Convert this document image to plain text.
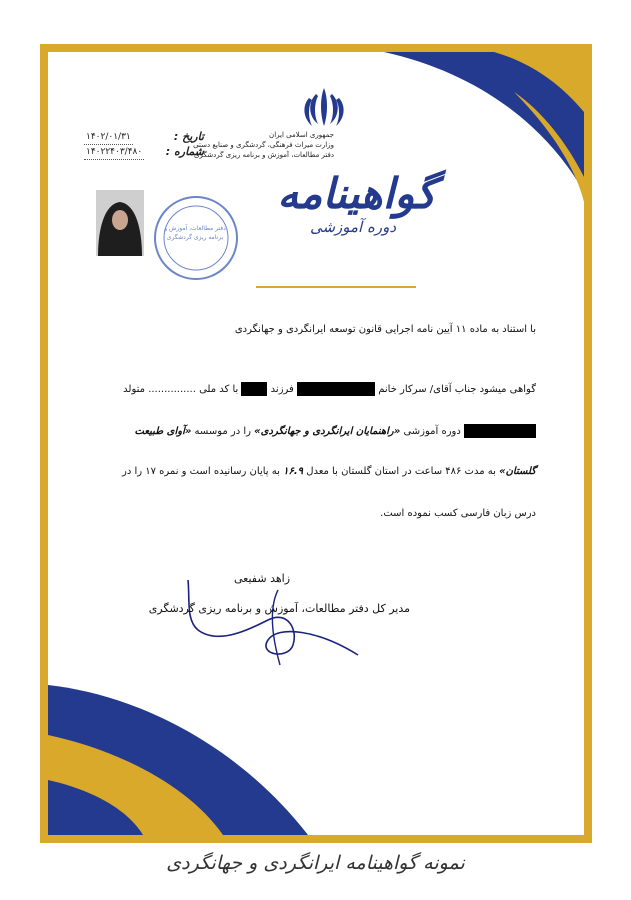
جمهوری اسلامی ایران
وزارت میراث فرهنگی، گردشگری و صنایع دستی
دفتر مطالعات، آموزش و برنامه ریزی گردشگری
تاریخ :
۱۴۰۲/۰۱/۳۱
شماره :
۱۴۰۲۲۴۰۳/۴۸۰
دفتر مطالعات، آموزش و برنامه ریزی گردشگری
گواهینامه
دوره آموزشی
با استناد به ماده ۱۱ آیین نامه اجرایی قانون توسعه ایرانگردی و جهانگردی
گواهی میشود جناب آقای/ سرکار خانم  فرزند  با کد ملی ............... متولد
دوره آموزشی «راهنمایان ایرانگردی و جهانگردی» را در موسسه «آوای طبیعت
گلستان» به مدت ۴۸۶ ساعت در استان گلستان با معدل ۱۶.۹ به پایان رسانیده است و نمره ۱۷ را در
درس زبان فارسی کسب نموده است.
زاهد شفیعی
مدیر کل دفتر مطالعات، آموزش و برنامه ریزی گردشگری
نمونه گواهینامه ایرانگردی و جهانگردی
